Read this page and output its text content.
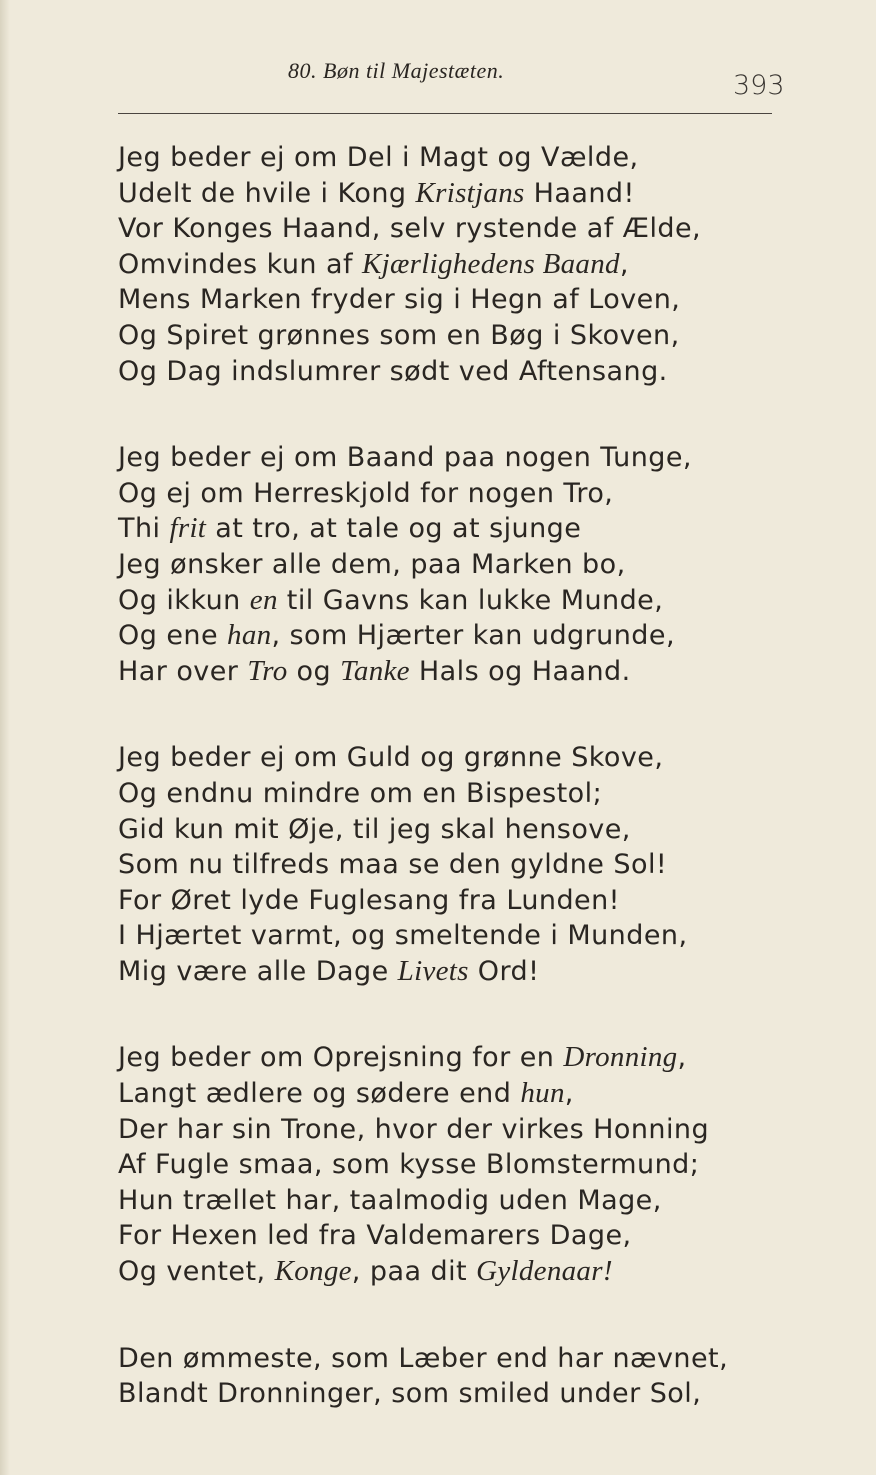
80. Bøn til Majestæten.	393
Jeg beder ej om Del i Magt og Vælde,
Udelt de hvile i Kong Kristjans Haand!
Vor Konges Haand, selv rystende af Ælde,
Omvindes kun af Kjærlighedens Baand,
Mens Marken fryder sig i Hegn af Loven,
Og Spiret grønnes som en Bøg i Skoven,
Og Dag indslumrer sødt ved Aftensang.
Jeg beder ej om Baand paa nogen Tunge,
Og ej om Herreskjold for nogen Tro,
Thi frit at tro, at tale og at sjunge
Jeg ønsker alle dem, paa Marken bo,
Og ikkun en til Gavns kan lukke Munde,
Og ene han, som Hjærter kan udgrunde,
Har over Tro og Tanke Hals og Haand.
Jeg beder ej om Guld og grønne Skove,
Og endnu mindre om en Bispestol;
Gid kun mit Øje, til jeg skal hensove,
Som nu tilfreds maa se den gyldne Sol!
For Øret lyde Fuglesang fra Lunden!
I Hjærtet varmt, og smeltende i Munden,
Mig være alle Dage Livets Ord!
Jeg beder om Oprejsning for en Dronning,
Langt ædlere og sødere end hun,
Der har sin Trone, hvor der virkes Honning
Af Fugle smaa, som kysse Blomstermund;
Hun trællet har, taalmodig uden Mage,
For Hexen led fra Valdemarers Dage,
Og ventet, Konge, paa dit Gyldenaar!
Den ømmeste, som Læber end har nævnet,
Blandt Dronninger, som smiled under Sol,
